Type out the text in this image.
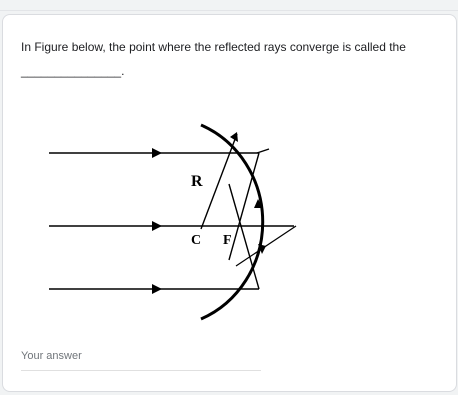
In Figure below, the point where the reflected rays converge is called the
_______________.
R
C F
Your answer
